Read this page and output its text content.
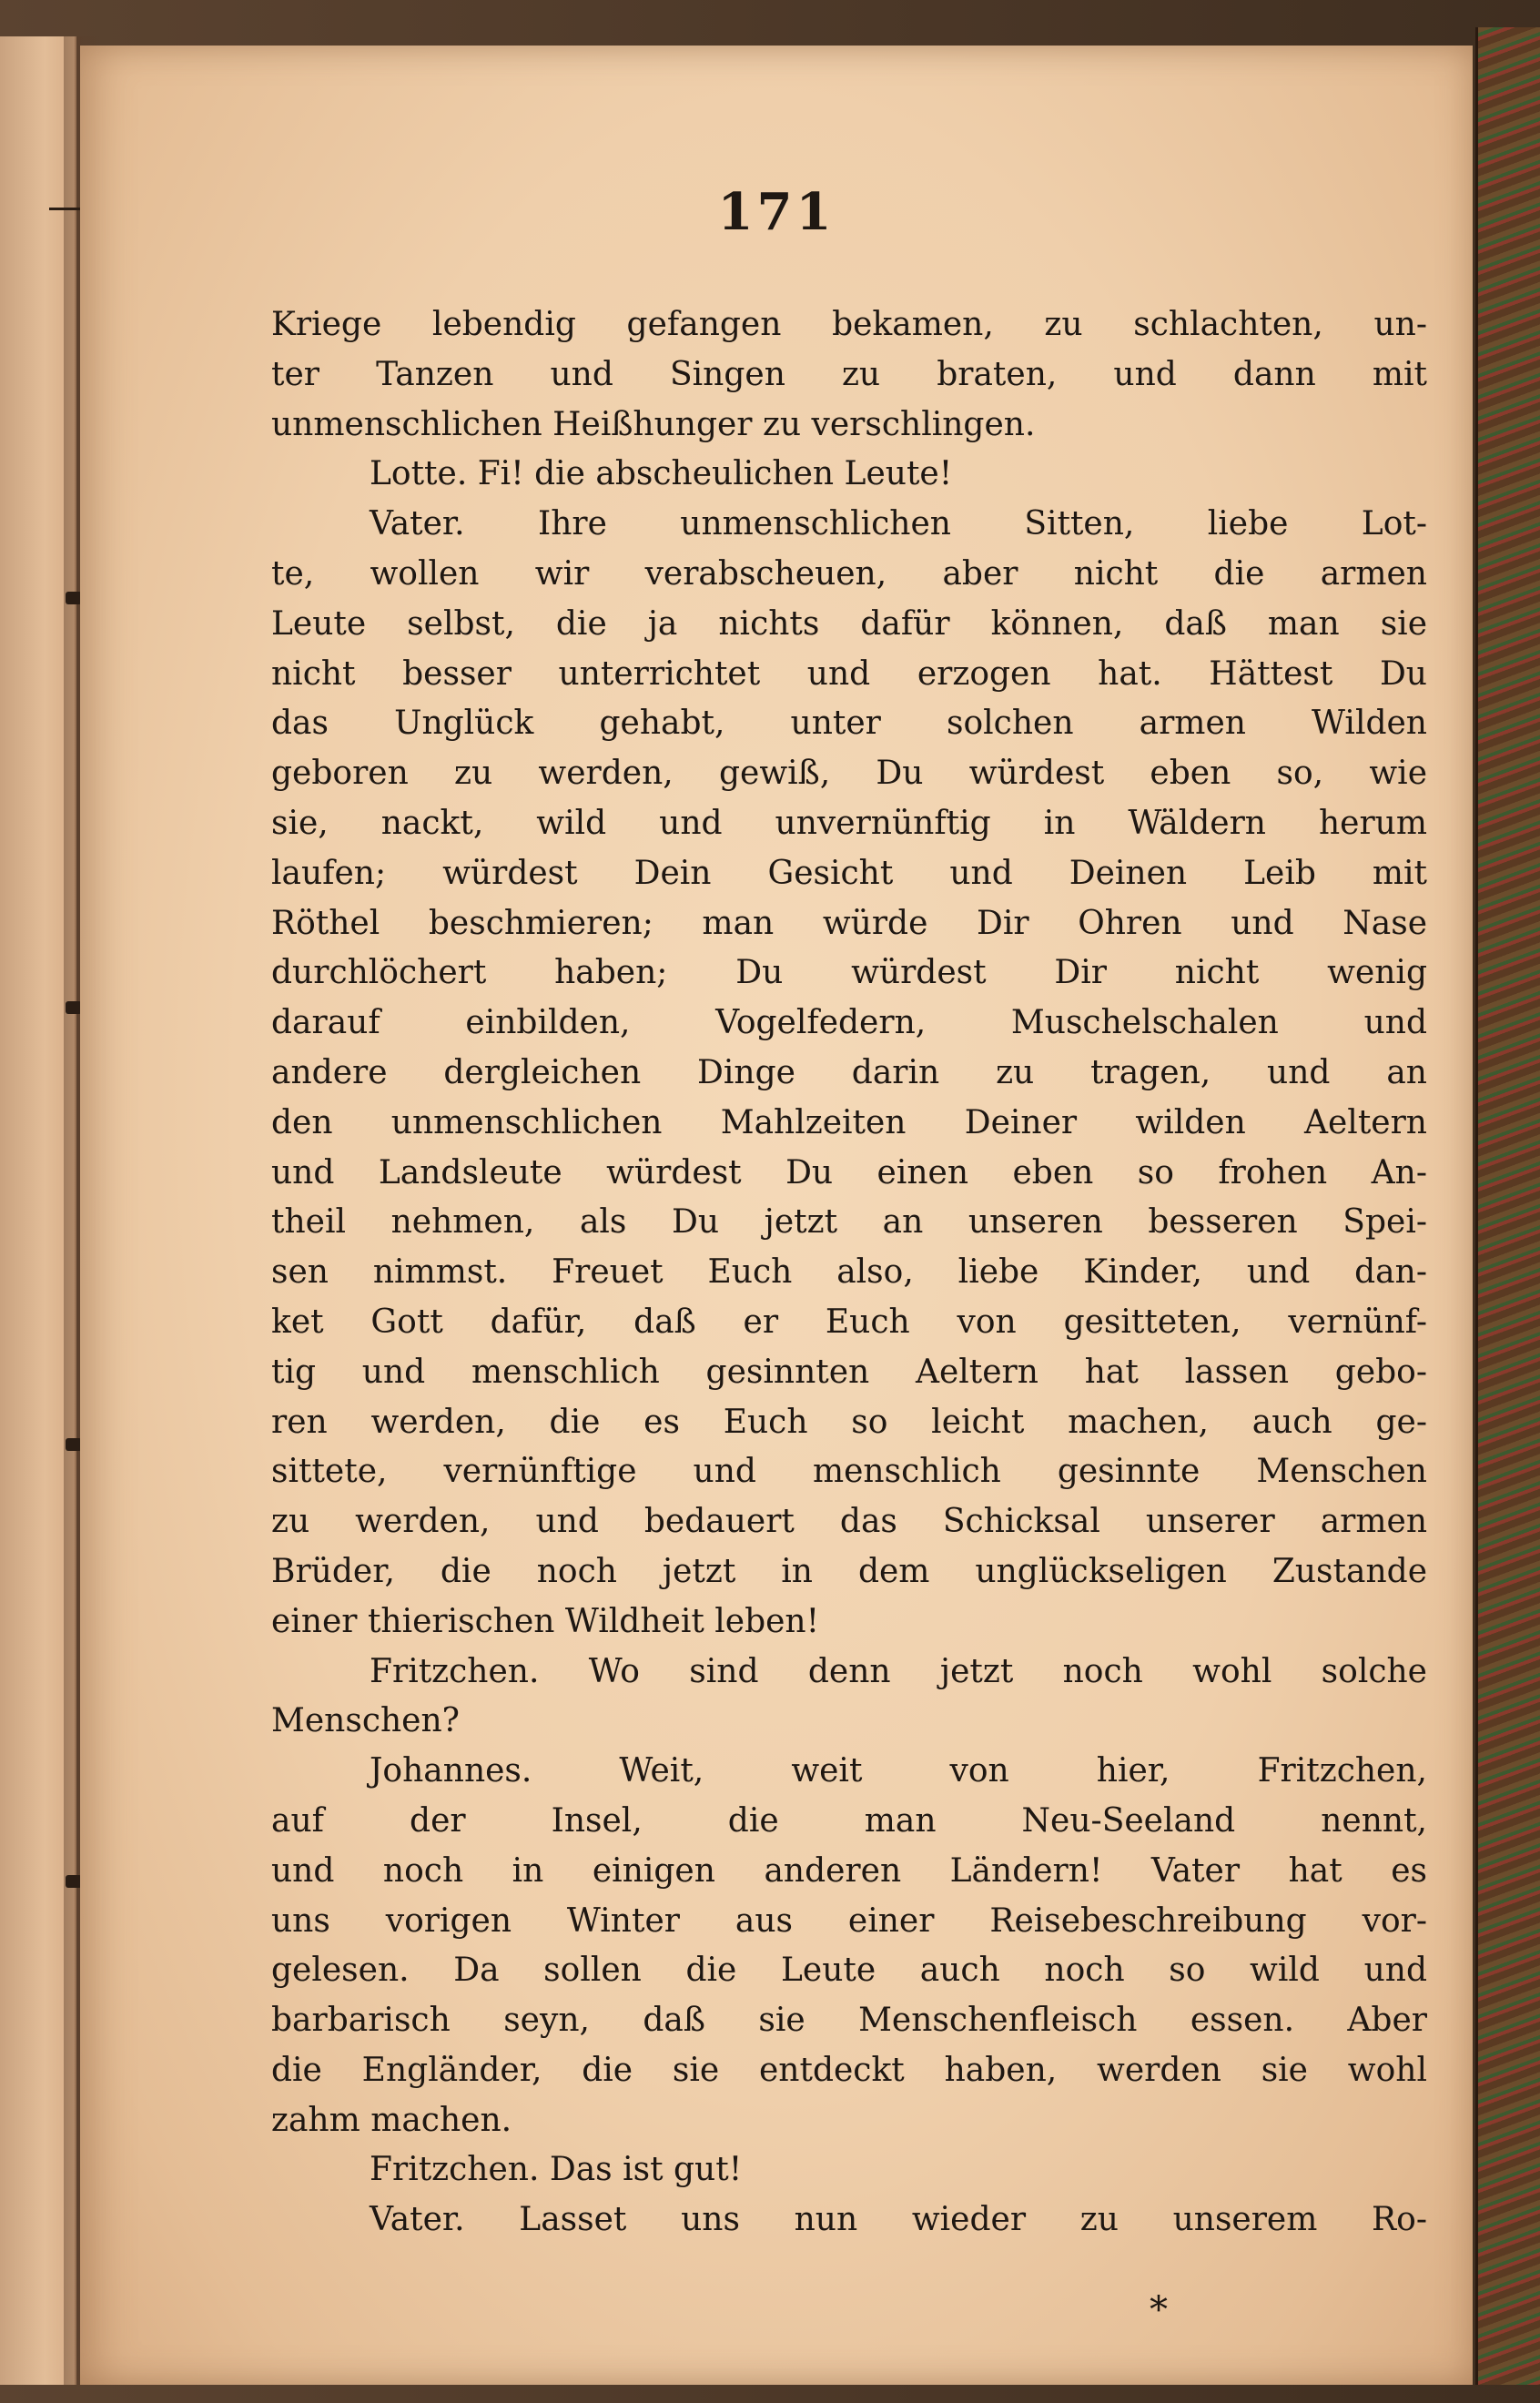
171
Kriege lebendig gefangen bekamen, zu schlachten, un-
ter Tanzen und Singen zu braten, und dann mit
unmenschlichen Heißhunger zu verschlingen.
Lotte. Fi! die abscheulichen Leute!
Vater. Ihre unmenschlichen Sitten, liebe Lot-
te, wollen wir verabscheuen, aber nicht die armen
Leute selbst, die ja nichts dafür können, daß man sie
nicht besser unterrichtet und erzogen hat. Hättest Du
das Unglück gehabt, unter solchen armen Wilden
geboren zu werden, gewiß, Du würdest eben so, wie
sie, nackt, wild und unvernünftig in Wäldern herum
laufen; würdest Dein Gesicht und Deinen Leib mit
Röthel beschmieren; man würde Dir Ohren und Nase
durchlöchert haben; Du würdest Dir nicht wenig
darauf einbilden, Vogelfedern, Muschelschalen und
andere dergleichen Dinge darin zu tragen, und an
den unmenschlichen Mahlzeiten Deiner wilden Aeltern
und Landsleute würdest Du einen eben so frohen An-
theil nehmen, als Du jetzt an unseren besseren Spei-
sen nimmst. Freuet Euch also, liebe Kinder, und dan-
ket Gott dafür, daß er Euch von gesitteten, vernünf-
tig und menschlich gesinnten Aeltern hat lassen gebo-
ren werden, die es Euch so leicht machen, auch ge-
sittete, vernünftige und menschlich gesinnte Menschen
zu werden, und bedauert das Schicksal unserer armen
Brüder, die noch jetzt in dem unglückseligen Zustande
einer thierischen Wildheit leben!
Fritzchen. Wo sind denn jetzt noch wohl solche
Menschen?
Johannes. Weit, weit von hier, Fritzchen,
auf der Insel, die man Neu-Seeland nennt,
und noch in einigen anderen Ländern! Vater hat es
uns vorigen Winter aus einer Reisebeschreibung vor-
gelesen. Da sollen die Leute auch noch so wild und
barbarisch seyn, daß sie Menschenfleisch essen. Aber
die Engländer, die sie entdeckt haben, werden sie wohl
zahm machen.
Fritzchen. Das ist gut!
Vater. Lasset uns nun wieder zu unserem Ro-
*
